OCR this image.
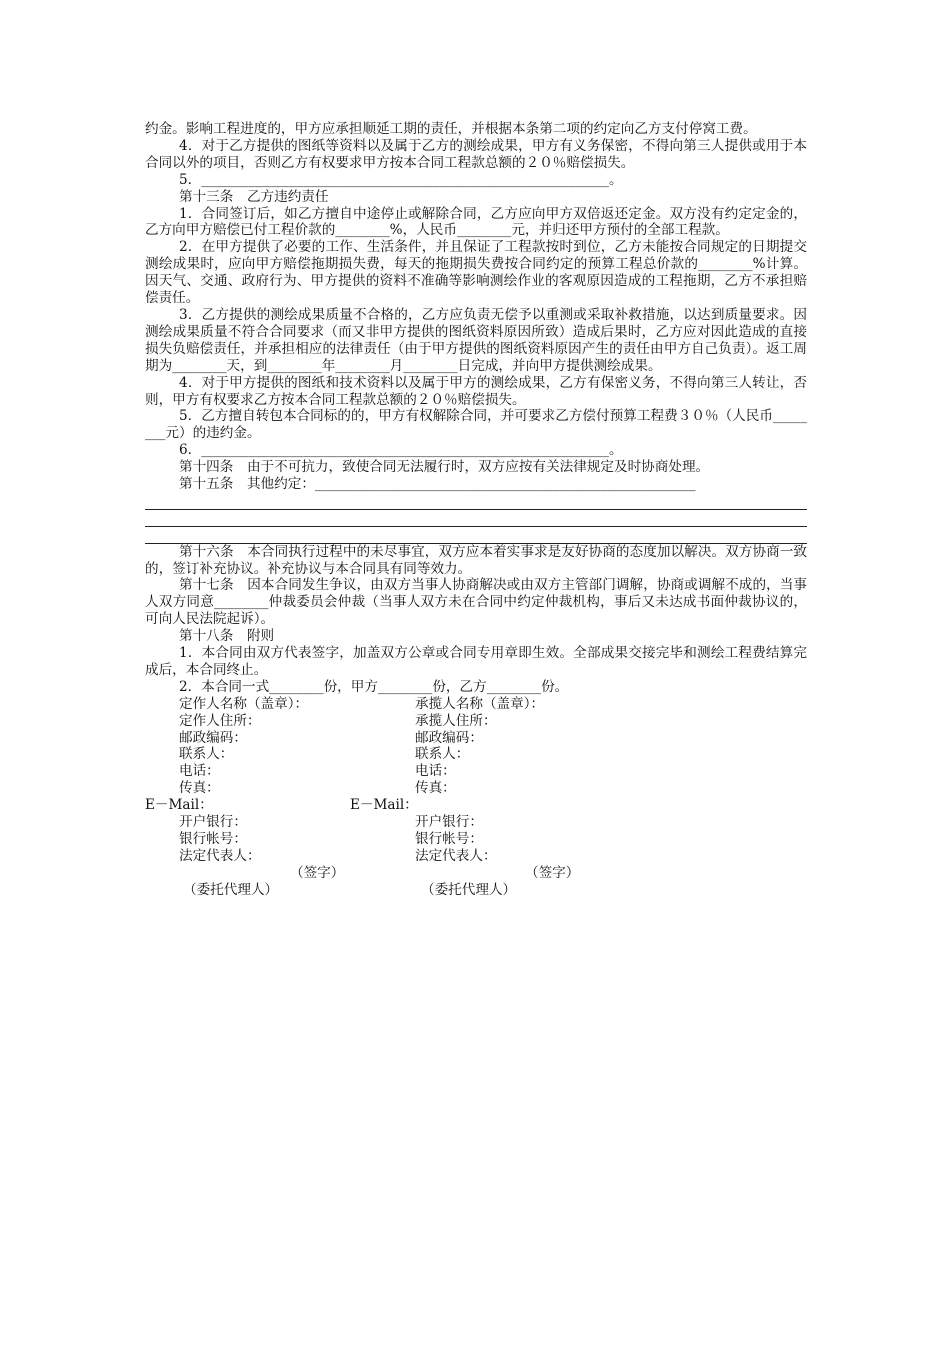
约金。影响工程进度的，甲方应承担顺延工期的责任，并根据本条第二项的约定向乙方支付停窝工费。

4．对于乙方提供的图纸等资料以及属于乙方的测绘成果，甲方有义务保密，不得向第三人提供或用于本合同以外的项目，否则乙方有权要求甲方按本合同工程款总额的２０％赔偿损失。

5．____________________________________________________________。

第十三条　乙方违约责任

1．合同签订后，如乙方擅自中途停止或解除合同，乙方应向甲方双倍返还定金。双方没有约定定金的，乙方向甲方赔偿已付工程价款的________%，人民币________元，并归还甲方预付的全部工程款。

2．在甲方提供了必要的工作、生活条件，并且保证了工程款按时到位，乙方未能按合同规定的日期提交测绘成果时，应向甲方赔偿拖期损失费，每天的拖期损失费按合同约定的预算工程总价款的________%计算。因天气、交通、政府行为、甲方提供的资料不准确等影响测绘作业的客观原因造成的工程拖期，乙方不承担赔偿责任。

3．乙方提供的测绘成果质量不合格的，乙方应负责无偿予以重测或采取补救措施，以达到质量要求。因测绘成果质量不符合合同要求（而又非甲方提供的图纸资料原因所致）造成后果时，乙方应对因此造成的直接损失负赔偿责任，并承担相应的法律责任（由于甲方提供的图纸资料原因产生的责任由甲方自己负责）。返工周期为________天，到________年________月________日完成，并向甲方提供测绘成果。

4．对于甲方提供的图纸和技术资料以及属于甲方的测绘成果，乙方有保密义务，不得向第三人转让，否则，甲方有权要求乙方按本合同工程款总额的２０％赔偿损失。

5．乙方擅自转包本合同标的的，甲方有权解除合同，并可要求乙方偿付预算工程费３０％（人民币________元）的违约金。

6．____________________________________________________________。

第十四条　由于不可抗力，致使合同无法履行时，双方应按有关法律规定及时协商处理。

第十五条　其他约定：________________________________________________________

第十六条　本合同执行过程中的未尽事宜，双方应本着实事求是友好协商的态度加以解决。双方协商一致的，签订补充协议。补充协议与本合同具有同等效力。

第十七条　因本合同发生争议，由双方当事人协商解决或由双方主管部门调解，协商或调解不成的，当事人双方同意________仲裁委员会仲裁（当事人双方未在合同中约定仲裁机构，事后又未达成书面仲裁协议的，可向人民法院起诉）。

第十八条　附则

1．本合同由双方代表签字，加盖双方公章或合同专用章即生效。全部成果交接完毕和测绘工程费结算完成后，本合同终止。

2．本合同一式________份，甲方________份，乙方________份。

定作人名称（盖章）：	承揽人名称（盖章）：
定作人住所：	承揽人住所：
邮政编码：	邮政编码：
联系人：	联系人：
电话：	电话：
传真：	传真：
E－Mail：	E－Mail：
开户银行：	开户银行：
银行帐号：	银行帐号：
法定代表人：	法定代表人：
（签字）	（签字）
（委托代理人）	（委托代理人）
